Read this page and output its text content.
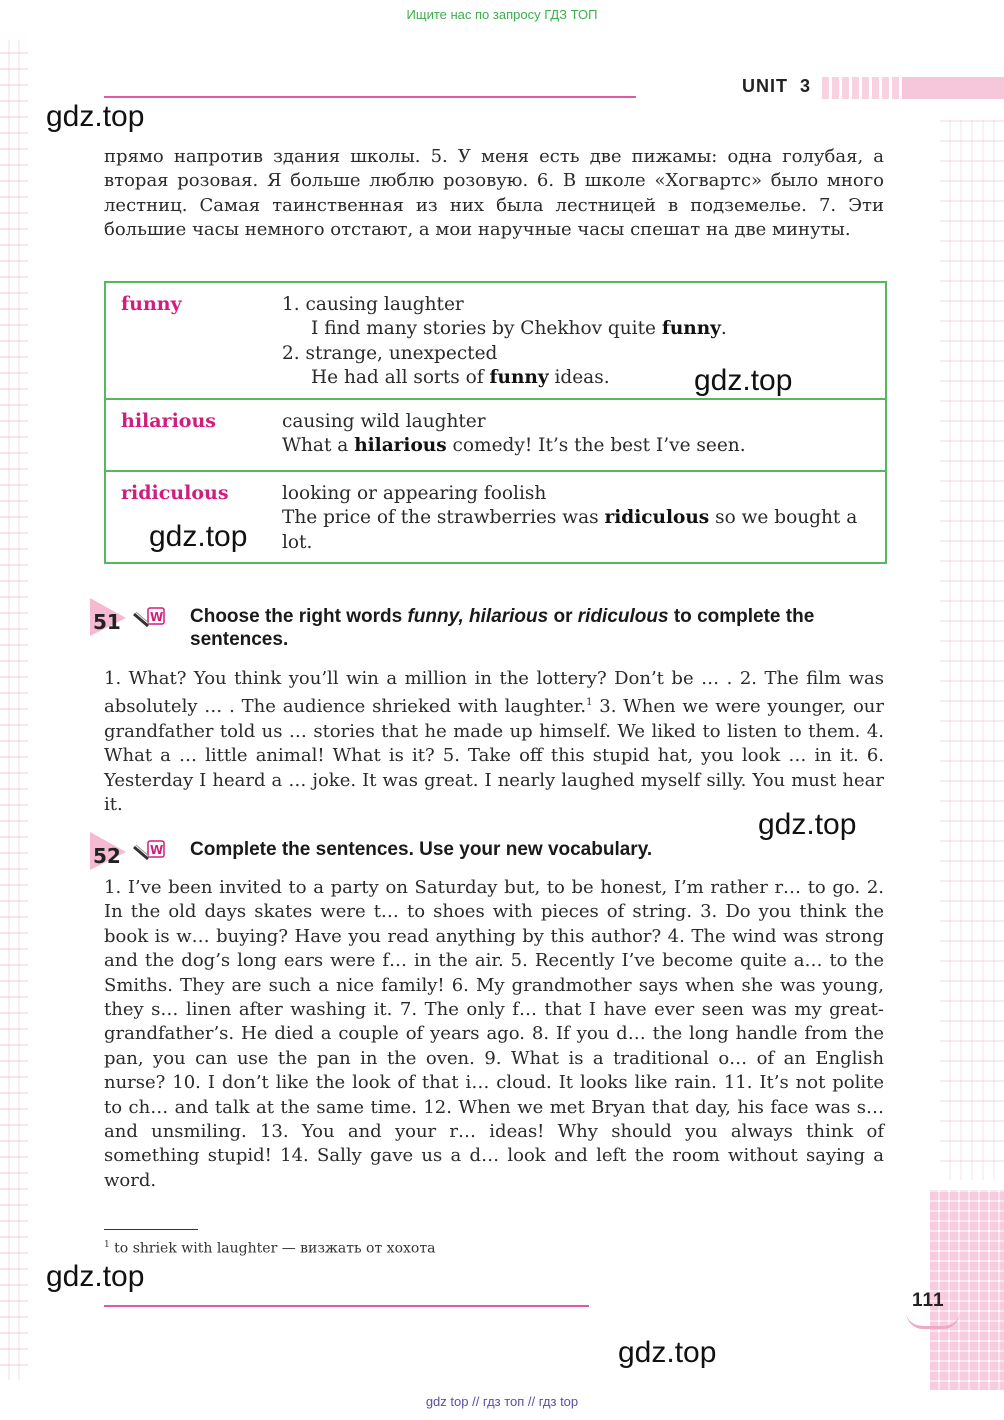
Ищите нас по запросу ГДЗ ТОП
UNIT 3
gdz.top
прямо напротив здания школы. 5. У меня есть две пижамы: одна голубая, а вторая розовая. Я больше люблю розовую. 6. В школе «Хогвартс» было много лестниц. Самая таинственная из них была лестницей в подземелье. 7. Эти большие часы немного отстают, а мои наручные часы спешат на две минуты.
funny	1. causing laughter
I find many stories by Chekhov quite funny.
2. strange, unexpected
He had all sorts of funny ideas.
hilarious	causing wild laughter
What a hilarious comedy! It’s the best I’ve seen.
ridiculous	looking or appearing foolish
The price of the strawberries was ridiculous so we bought a lot.
gdz.top
gdz.top
51 W Choose the right words funny, hilarious or ridiculous to complete the sentences.
1. What? You think you’ll win a million in the lottery? Don’t be … . 2. The film was absolutely … . The audience shrieked with laughter.$^1$ 3. When we were younger, our grandfather told us … stories that he made up himself. We liked to listen to them. 4. What a … little animal! What is it? 5. Take off this stupid hat, you look … in it. 6. Yesterday I heard a … joke. It was great. I nearly laughed myself silly. You must hear it.
gdz.top
52 W Complete the sentences. Use your new vocabulary.
1. I’ve been invited to a party on Saturday but, to be honest, I’m rather r… to go. 2. In the old days skates were t… to shoes with pieces of string. 3. Do you think the book is w… buying? Have you read anything by this author? 4. The wind was strong and the dog’s long ears were f… in the air. 5. Recently I’ve become quite a… to the Smiths. They are such a nice family! 6. My grandmother says when she was young, they s… linen after washing it. 7. The only f… that I have ever seen was my great-grandfather’s. He died a couple of years ago. 8. If you d… the long handle from the pan, you can use the pan in the oven. 9. What is a traditional o… of an English nurse? 10. I don’t like the look of that i… cloud. It looks like rain. 11. It’s not polite to ch… and talk at the same time. 12. When we met Bryan that day, his face was s… and unsmiling. 13. You and your r… ideas! Why should you always think of something stupid! 14. Sally gave us a d… look and left the room without saying a word.
$^1$ to shriek with laughter — визжать от хохота
gdz.top
111
gdz.top
gdz top // гдз топ // гдз top
